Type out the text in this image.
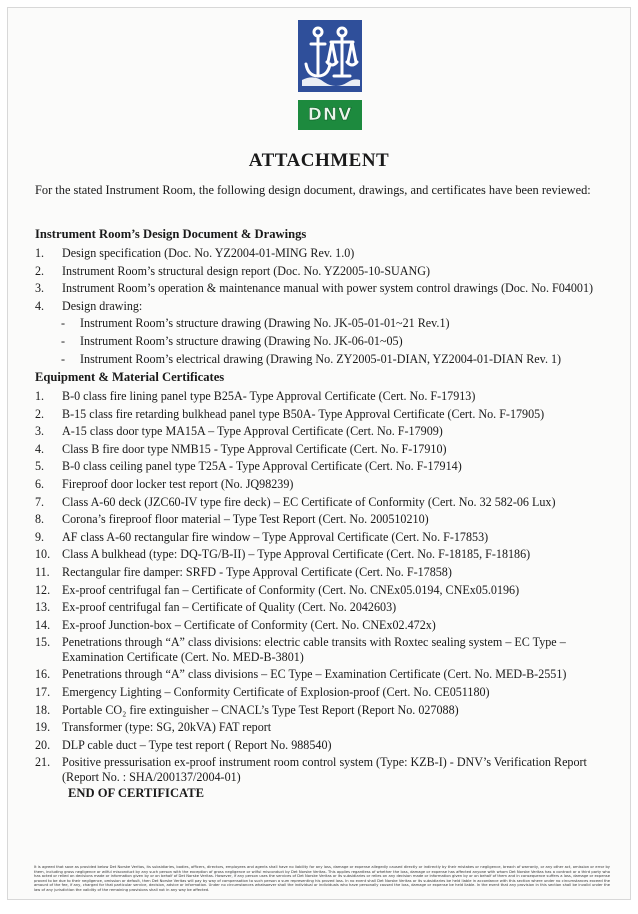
DNV
ATTACHMENT

For the stated Instrument Room, the following design document, drawings, and certificates have been reviewed:

Instrument Room’s Design Document & Drawings

1. Design specification (Doc. No. YZ2004-01-MING Rev. 1.0)
2. Instrument Room’s structural design report (Doc. No. YZ2005-10-SUANG)
3. Instrument Room’s operation & maintenance manual with power system control drawings (Doc. No. F04001)
4. Design drawing:
- Instrument Room’s structure drawing (Drawing No. JK-05-01-01~21 Rev.1)
- Instrument Room’s structure drawing (Drawing No. JK-06-01~05)
- Instrument Room’s electrical drawing (Drawing No. ZY2005-01-DIAN, YZ2004-01-DIAN Rev. 1)

Equipment & Material Certificates

1. B-0 class fire lining panel type B25A- Type Approval Certificate (Cert. No. F-17913)
2. B-15 class fire retarding bulkhead panel type B50A- Type Approval Certificate (Cert. No. F-17905)
3. A-15 class door type MA15A – Type Approval Certificate (Cert. No. F-17909)
4. Class B fire door type NMB15 - Type Approval Certificate (Cert. No. F-17910)
5. B-0 class ceiling panel type T25A - Type Approval Certificate (Cert. No. F-17914)
6. Fireproof door locker test report (No. JQ98239)
7. Class A-60 deck (JZC60-IV type fire deck) – EC Certificate of Conformity (Cert. No. 32 582-06 Lux)
8. Corona’s fireproof floor material – Type Test Report (Cert. No. 200510210)
9. AF class A-60 rectangular fire window – Type Approval Certificate (Cert. No. F-17853)
10. Class A bulkhead (type: DQ-TG/B-II) – Type Approval Certificate (Cert. No. F-18185, F-18186)
11. Rectangular fire damper: SRFD - Type Approval Certificate (Cert. No. F-17858)
12. Ex-proof centrifugal fan – Certificate of Conformity (Cert. No. CNEx05.0194, CNEx05.0196)
13. Ex-proof centrifugal fan – Certificate of Quality (Cert. No. 2042603)
14. Ex-proof Junction-box – Certificate of Conformity (Cert. No. CNEx02.472x)
15. Penetrations through “A” class divisions: electric cable transits with Roxtec sealing system – EC Type – Examination Certificate (Cert. No. MED-B-3801)
16. Penetrations through “A” class divisions – EC Type – Examination Certificate (Cert. No. MED-B-2551)
17. Emergency Lighting – Conformity Certificate of Explosion-proof (Cert. No. CE051180)
18. Portable CO₂ fire extinguisher – CNACL’s Type Test Report (Report No. 027088)
19. Transformer (type: SG, 20kVA) FAT report
20. DLP cable duct – Type test report ( Report No. 988540)
21. Positive pressurisation ex-proof instrument room control system (Type: KZB-I) - DNV’s Verification Report (Report No. : SHA/200137/2004-01)

END OF CERTIFICATE

It is agreed that save as provided below Det Norske Veritas, its subsidiaries, bodies, officers, directors, employees and agents shall have no liability for any loss, damage or expense allegedly caused directly or indirectly by their mistakes or negligence, breach of warranty, or any other act, omission or error by them, including gross negligence or wilful misconduct by any such person with the exception of gross negligence or wilful misconduct by Det Norske Veritas. This applies regardless of whether the loss, damage or expense has affected anyone with whom Det Norske Veritas has a contract or a third party who has acted or relied on decisions made or information given by or on behalf of Det Norske Veritas. However, if any person uses the services of Det Norske Veritas or its subsidiaries or relies on any decision made or information given by or on behalf of them and in consequence suffers a loss, damage or expense proved to be due to their negligence, omission or default, then Det Norske Veritas will pay by way of compensation to such person a sum representing his proved loss. In no event shall Det Norske Veritas or its subsidiaries be held liable in accordance with this section where under no circumstances exceed the amount of the fee, if any, charged for that particular service, decision, advice or information. Under no circumstances whatsoever shall the individual or individuals who have personally caused the loss, damage or expense be held liable. In the event that any provision in this section shall be invalid under the law of any jurisdiction the validity of the remaining provisions shall not in any way be affected.
